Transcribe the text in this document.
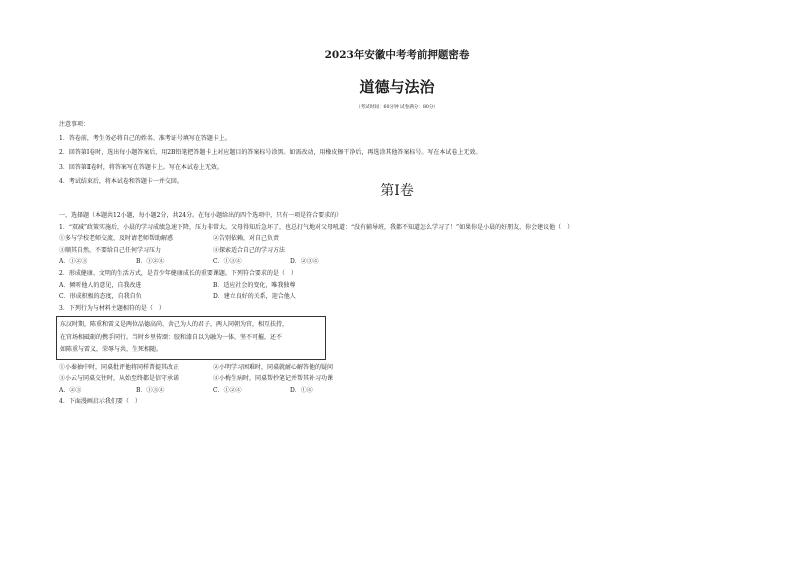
2023年安徽中考考前押题密卷
道德与法治
（考试时间：60分钟 试卷满分：80分）
注意事项：
1．答卷前，考生务必将自己的姓名、准考证号填写在答题卡上。
2．回答第Ⅰ卷时，选出每小题答案后，用2B铅笔把答题卡上对应题目的答案标号涂黑。如需改动，用橡皮擦干净后，再选涂其他答案标号。写在本试卷上无效。
3．回答第Ⅱ卷时，将答案写在答题卡上。写在本试卷上无效。
4．考试结束后，将本试卷和答题卡一并交回。
第Ⅰ卷
一、选择题（本题共12小题，每小题2分，共24分。在每小题给出的四个选项中，只有一项是符合要求的）
1．“双减”政策实施后，小晨的学习成绩急速下降，压力非常大。父母得知后急坏了，也总打气地对父母吼道：“没有辅导班，我都不知道怎么学习了！”如果你是小晨的好朋友，你会建议他（　）
①多与学校老师交流，及时请老师帮助解惑	②告别依赖，对自己负责
③顺其自然，不要给自己任何学习压力	④探索适合自己的学习方法
A．①②③	B．①②④	C．①③④	D．②③④
2．形成健康、文明的生活方式，是青少年健康成长的重要课题。下列符合要求的是（　）
A．倾听他人的意见，自我改进	B．适应社会的变化，唯我独尊
C．形成积极的态度，自我自负	D．建立良好的关系，迎合他人
3．下列行为与材料主题相符的是（　）
东汉时期，陈重和雷义是两位品德高尚、舍己为人的君子，两人同朝为官，相互扶持，
在官场相砥砺的携手同行。当时乡里传颂：胶和漆自以为融为一体，坚不可摧，还不
如陈重与雷义，荣辱与共，生死相随。
①小秦抽中时，同桌批评他将同样普提其改正	②小明学习困难时，同桌就耐心解答他的疑问
③小云与同桌交往时，从始至终都是信守承诺	④小梅生病时，同桌帮抄笔记并帮其补习功课
A．②③	B．①③④	C．①②④	D．①④
4．下面漫画启示我们要（　）
